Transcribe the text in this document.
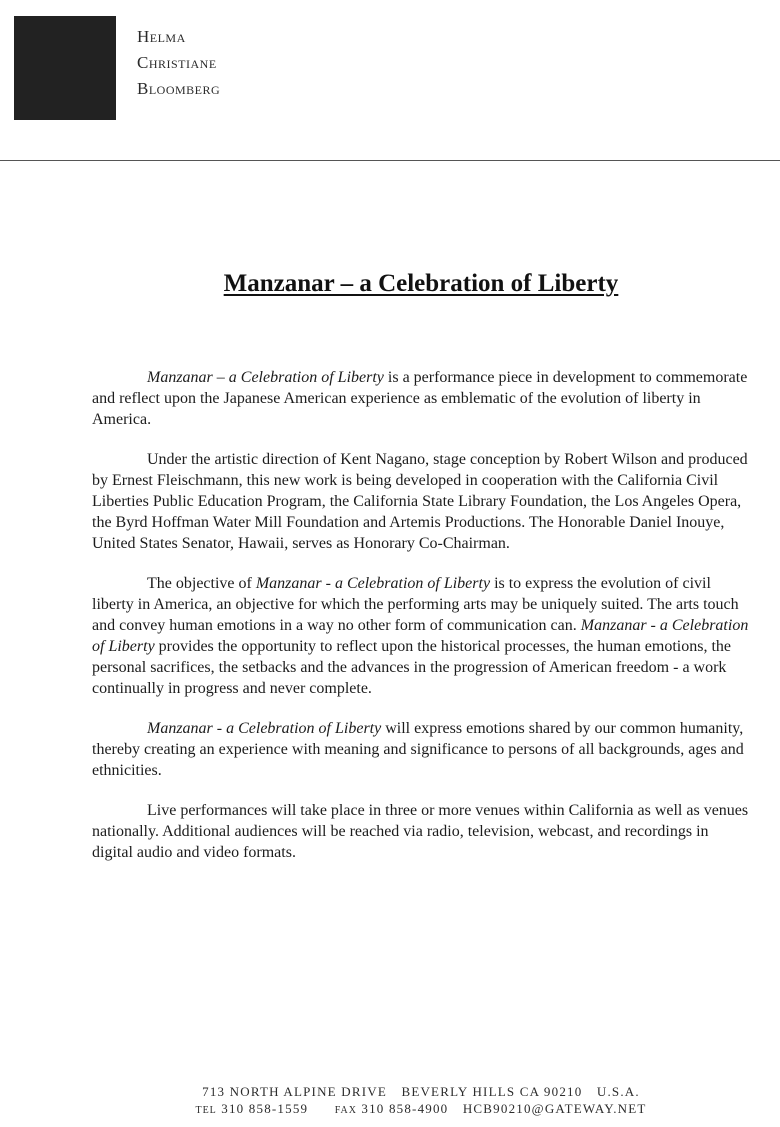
Helma
Christiane
Bloomberg
Manzanar – a Celebration of Liberty

Manzanar – a Celebration of Liberty is a performance piece in development to commemorate and reflect upon the Japanese American experience as emblematic of the evolution of liberty in America.

Under the artistic direction of Kent Nagano, stage conception by Robert Wilson and produced by Ernest Fleischmann, this new work is being developed in cooperation with the California Civil Liberties Public Education Program, the California State Library Foundation, the Los Angeles Opera, the Byrd Hoffman Water Mill Foundation and Artemis Productions. The Honorable Daniel Inouye, United States Senator, Hawaii, serves as Honorary Co-Chairman.

The objective of Manzanar - a Celebration of Liberty is to express the evolution of civil liberty in America, an objective for which the performing arts may be uniquely suited. The arts touch and convey human emotions in a way no other form of communication can. Manzanar - a Celebration of Liberty provides the opportunity to reflect upon the historical processes, the human emotions, the personal sacrifices, the setbacks and the advances in the progression of American freedom - a work continually in progress and never complete.

Manzanar - a Celebration of Liberty will express emotions shared by our common humanity, thereby creating an experience with meaning and significance to persons of all backgrounds, ages and ethnicities.

Live performances will take place in three or more venues within California as well as venues nationally. Additional audiences will be reached via radio, television, webcast, and recordings in digital audio and video formats.

713 NORTH ALPINE DRIVE BEVERLY HILLS CA 90210 U.S.A.
TEL 310 858-1559	FAX 310 858-4900 HCB90210@GATEWAY.NET
